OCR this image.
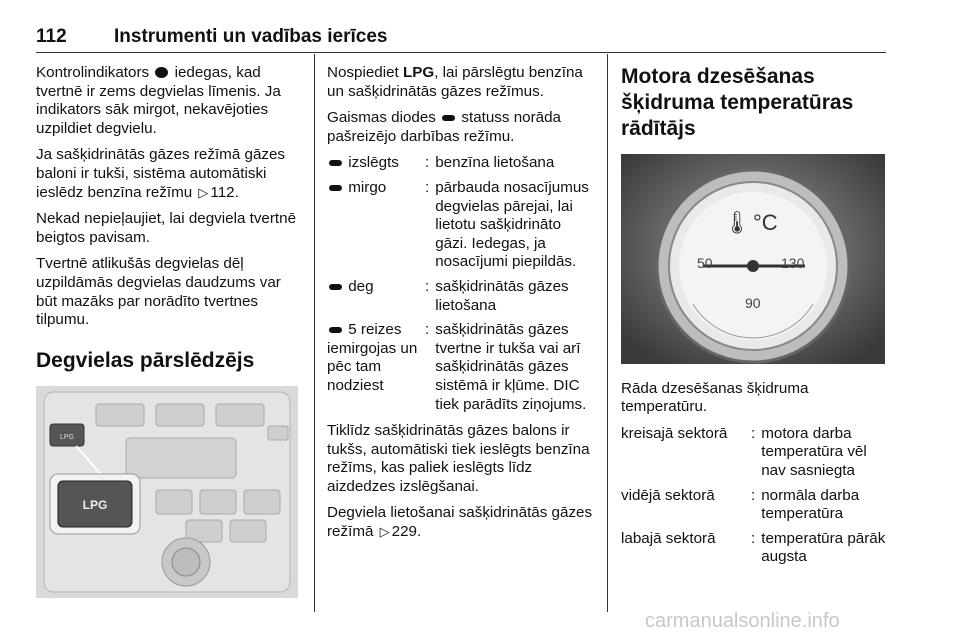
112 Instrumenti un vadības ierīces

Kontrolindikators iedegas, kad tvertnē ir zems degvielas līmenis. Ja indikators sāk mirgot, nekavējoties uzpildiet degvielu.

Ja sašķidrinātās gāzes režīmā gāzes baloni ir tukši, sistēma automātiski ieslēdz benzīna režīmu ▷ 112.

Nekad nepieļaujiet, lai degviela tvertnē beigtos pavisam.

Tvertnē atlikušās degvielas dēļ uzpildāmās degvielas daudzums var būt mazāks par norādīto tvertnes tilpumu.

Degvielas pārslēdzējs
LPG
LPG

Nospiediet LPG, lai pārslēgtu benzīna un sašķidrinātās gāzes režīmus.

Gaismas diodes statuss norāda pašreizējo darbības režīmu.

izslēgts	: benzīna lietošana
mirgo	: pārbauda nosacījumus degvielas pārejai, lai lietotu sašķidrināto gāzi. Iedegas, ja nosacījumi piepildās.
deg	: sašķidrinātās gāzes lietošana
5 reizes iemirgojas un pēc tam nodziest
: sašķidrinātās gāzes tvertne ir tukša vai arī sašķidrinātās gāzes sistēmā ir kļūme. DIC tiek parādīts ziņojums.

Tiklīdz sašķidrinātās gāzes balons ir tukšs, automātiski tiek ieslēgts benzīna režīms, kas paliek ieslēgts līdz aizdedzes izslēgšanai.

Degviela lietošanai sašķidrinātās gāzes režīmā ▷ 229.

Motora dzesēšanas šķidruma temperatūras rādītājs
🌡 °C
50	130
90

Rāda dzesēšanas šķidruma temperatūru.

kreisajā sektorā	: motora darba temperatūra vēl nav sasniegta
vidējā sektorā	: normāla darba temperatūra
labajā sektorā	: temperatūra pārāk augsta
carmanualsonline.info
